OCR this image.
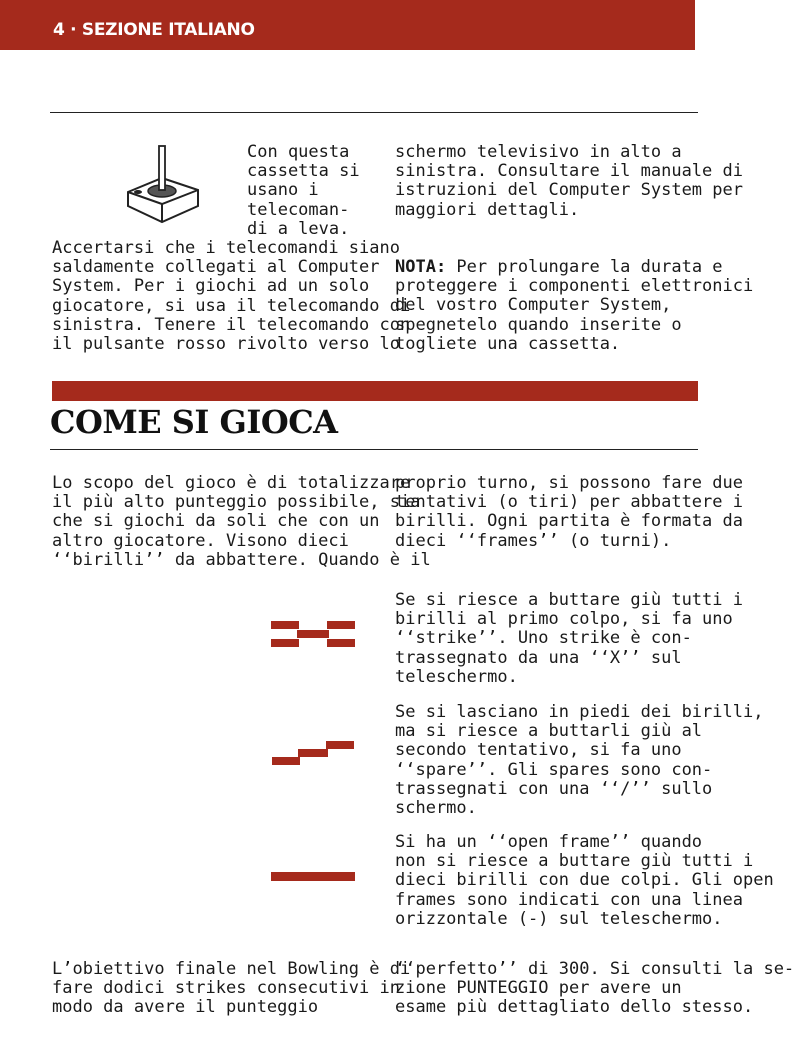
4 · SEZIONE ITALIANO
Con questa
cassetta si
usano i
telecoman-
di a leva.
Accertarsi che i telecomandi siano
saldamente collegati al Computer
System. Per i giochi ad un solo
giocatore, si usa il telecomando di
sinistra. Tenere il telecomando con
il pulsante rosso rivolto verso lo
schermo televisivo in alto a
sinistra. Consultare il manuale di
istruzioni del Computer System per
maggiori dettagli.
NOTA: Per prolungare la durata e
proteggere i componenti elettronici
del vostro Computer System,
spegnetelo quando inserite o
togliete una cassetta.
COME SI GIOCA
Lo scopo del gioco è di totalizzare
il più alto punteggio possibile, sia
che si giochi da soli che con un
altro giocatore. Visono dieci
‘‘birilli’’ da abbattere. Quando è il
proprio turno, si possono fare due
tentativi (o tiri) per abbattere i
birilli. Ogni partita è formata da
dieci ‘‘frames’’ (o turni).
Se si riesce a buttare giù tutti i
birilli al primo colpo, si fa uno
‘‘strike’’. Uno strike è con-
trassegnato da una ‘‘X’’ sul
teleschermo.
Se si lasciano in piedi dei birilli,
ma si riesce a buttarli giù al
secondo tentativo, si fa uno
‘‘spare’’. Gli spares sono con-
trassegnati con una ‘‘/’’ sullo
schermo.
Si ha un ‘‘open frame’’ quando
non si riesce a buttare giù tutti i
dieci birilli con due colpi. Gli open
frames sono indicati con una linea
orizzontale (-) sul teleschermo.
L’obiettivo finale nel Bowling è di
fare dodici strikes consecutivi in
modo da avere il punteggio
‘‘perfetto’’ di 300. Si consulti la se-
zione PUNTEGGIO per avere un
esame più dettagliato dello stesso.
